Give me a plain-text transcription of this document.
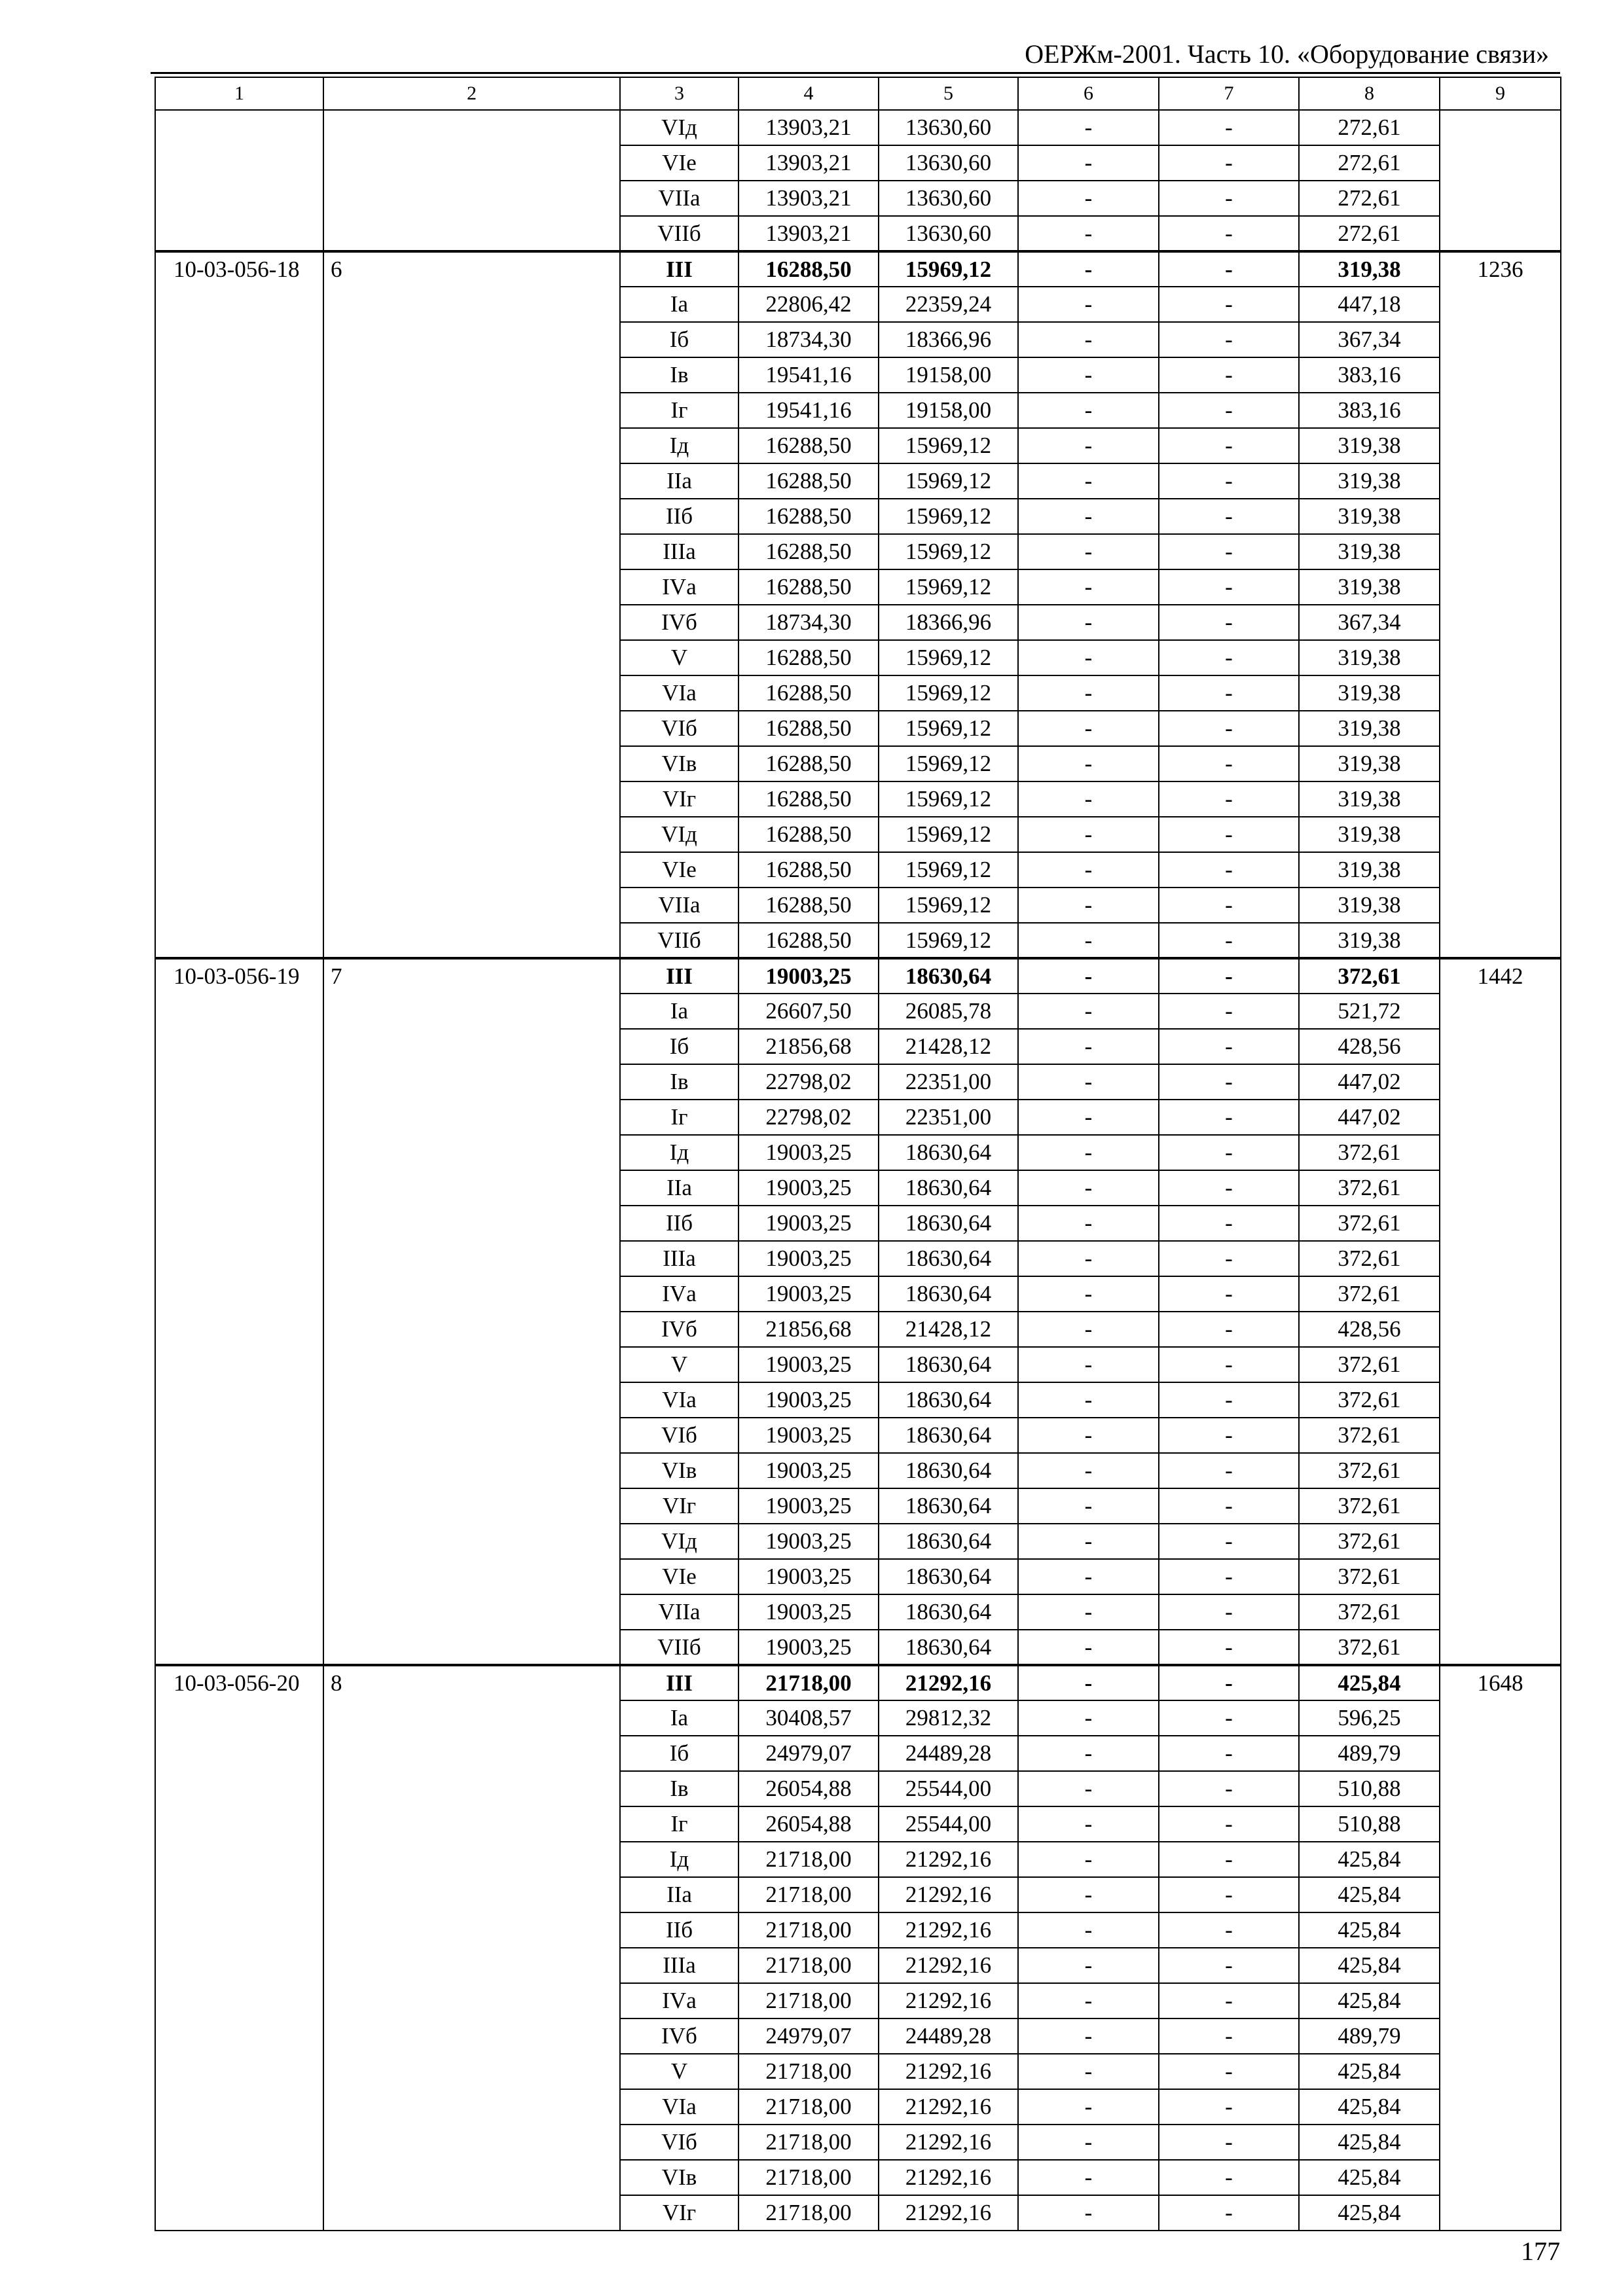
ОЕРЖм-2001. Часть 10. «Оборудование связи»
1	2	3	4	5	6	7	8	9
		VIд	13903,21	13630,60	-	-	272,61	
		VIе	13903,21	13630,60	-	-	272,61	
		VIIа	13903,21	13630,60	-	-	272,61	
		VIIб	13903,21	13630,60	-	-	272,61	
10-03-056-18	6	III	16288,50	15969,12	-	-	319,38	1236
		Iа	22806,42	22359,24	-	-	447,18	
		Iб	18734,30	18366,96	-	-	367,34	
		Iв	19541,16	19158,00	-	-	383,16	
		Iг	19541,16	19158,00	-	-	383,16	
		Iд	16288,50	15969,12	-	-	319,38	
		IIа	16288,50	15969,12	-	-	319,38	
		IIб	16288,50	15969,12	-	-	319,38	
		IIIа	16288,50	15969,12	-	-	319,38	
		IVа	16288,50	15969,12	-	-	319,38	
		IVб	18734,30	18366,96	-	-	367,34	
		V	16288,50	15969,12	-	-	319,38	
		VIа	16288,50	15969,12	-	-	319,38	
		VIб	16288,50	15969,12	-	-	319,38	
		VIв	16288,50	15969,12	-	-	319,38	
		VIг	16288,50	15969,12	-	-	319,38	
		VIд	16288,50	15969,12	-	-	319,38	
		VIе	16288,50	15969,12	-	-	319,38	
		VIIа	16288,50	15969,12	-	-	319,38	
		VIIб	16288,50	15969,12	-	-	319,38	
10-03-056-19	7	III	19003,25	18630,64	-	-	372,61	1442
		Iа	26607,50	26085,78	-	-	521,72	
		Iб	21856,68	21428,12	-	-	428,56	
		Iв	22798,02	22351,00	-	-	447,02	
		Iг	22798,02	22351,00	-	-	447,02	
		Iд	19003,25	18630,64	-	-	372,61	
		IIа	19003,25	18630,64	-	-	372,61	
		IIб	19003,25	18630,64	-	-	372,61	
		IIIа	19003,25	18630,64	-	-	372,61	
		IVа	19003,25	18630,64	-	-	372,61	
		IVб	21856,68	21428,12	-	-	428,56	
		V	19003,25	18630,64	-	-	372,61	
		VIа	19003,25	18630,64	-	-	372,61	
		VIб	19003,25	18630,64	-	-	372,61	
		VIв	19003,25	18630,64	-	-	372,61	
		VIг	19003,25	18630,64	-	-	372,61	
		VIд	19003,25	18630,64	-	-	372,61	
		VIе	19003,25	18630,64	-	-	372,61	
		VIIа	19003,25	18630,64	-	-	372,61	
		VIIб	19003,25	18630,64	-	-	372,61	
10-03-056-20	8	III	21718,00	21292,16	-	-	425,84	1648
		Iа	30408,57	29812,32	-	-	596,25	
		Iб	24979,07	24489,28	-	-	489,79	
		Iв	26054,88	25544,00	-	-	510,88	
		Iг	26054,88	25544,00	-	-	510,88	
		Iд	21718,00	21292,16	-	-	425,84	
		IIа	21718,00	21292,16	-	-	425,84	
		IIб	21718,00	21292,16	-	-	425,84	
		IIIа	21718,00	21292,16	-	-	425,84	
		IVа	21718,00	21292,16	-	-	425,84	
		IVб	24979,07	24489,28	-	-	489,79	
		V	21718,00	21292,16	-	-	425,84	
		VIа	21718,00	21292,16	-	-	425,84	
		VIб	21718,00	21292,16	-	-	425,84	
		VIв	21718,00	21292,16	-	-	425,84	
		VIг	21718,00	21292,16	-	-	425,84	
177
